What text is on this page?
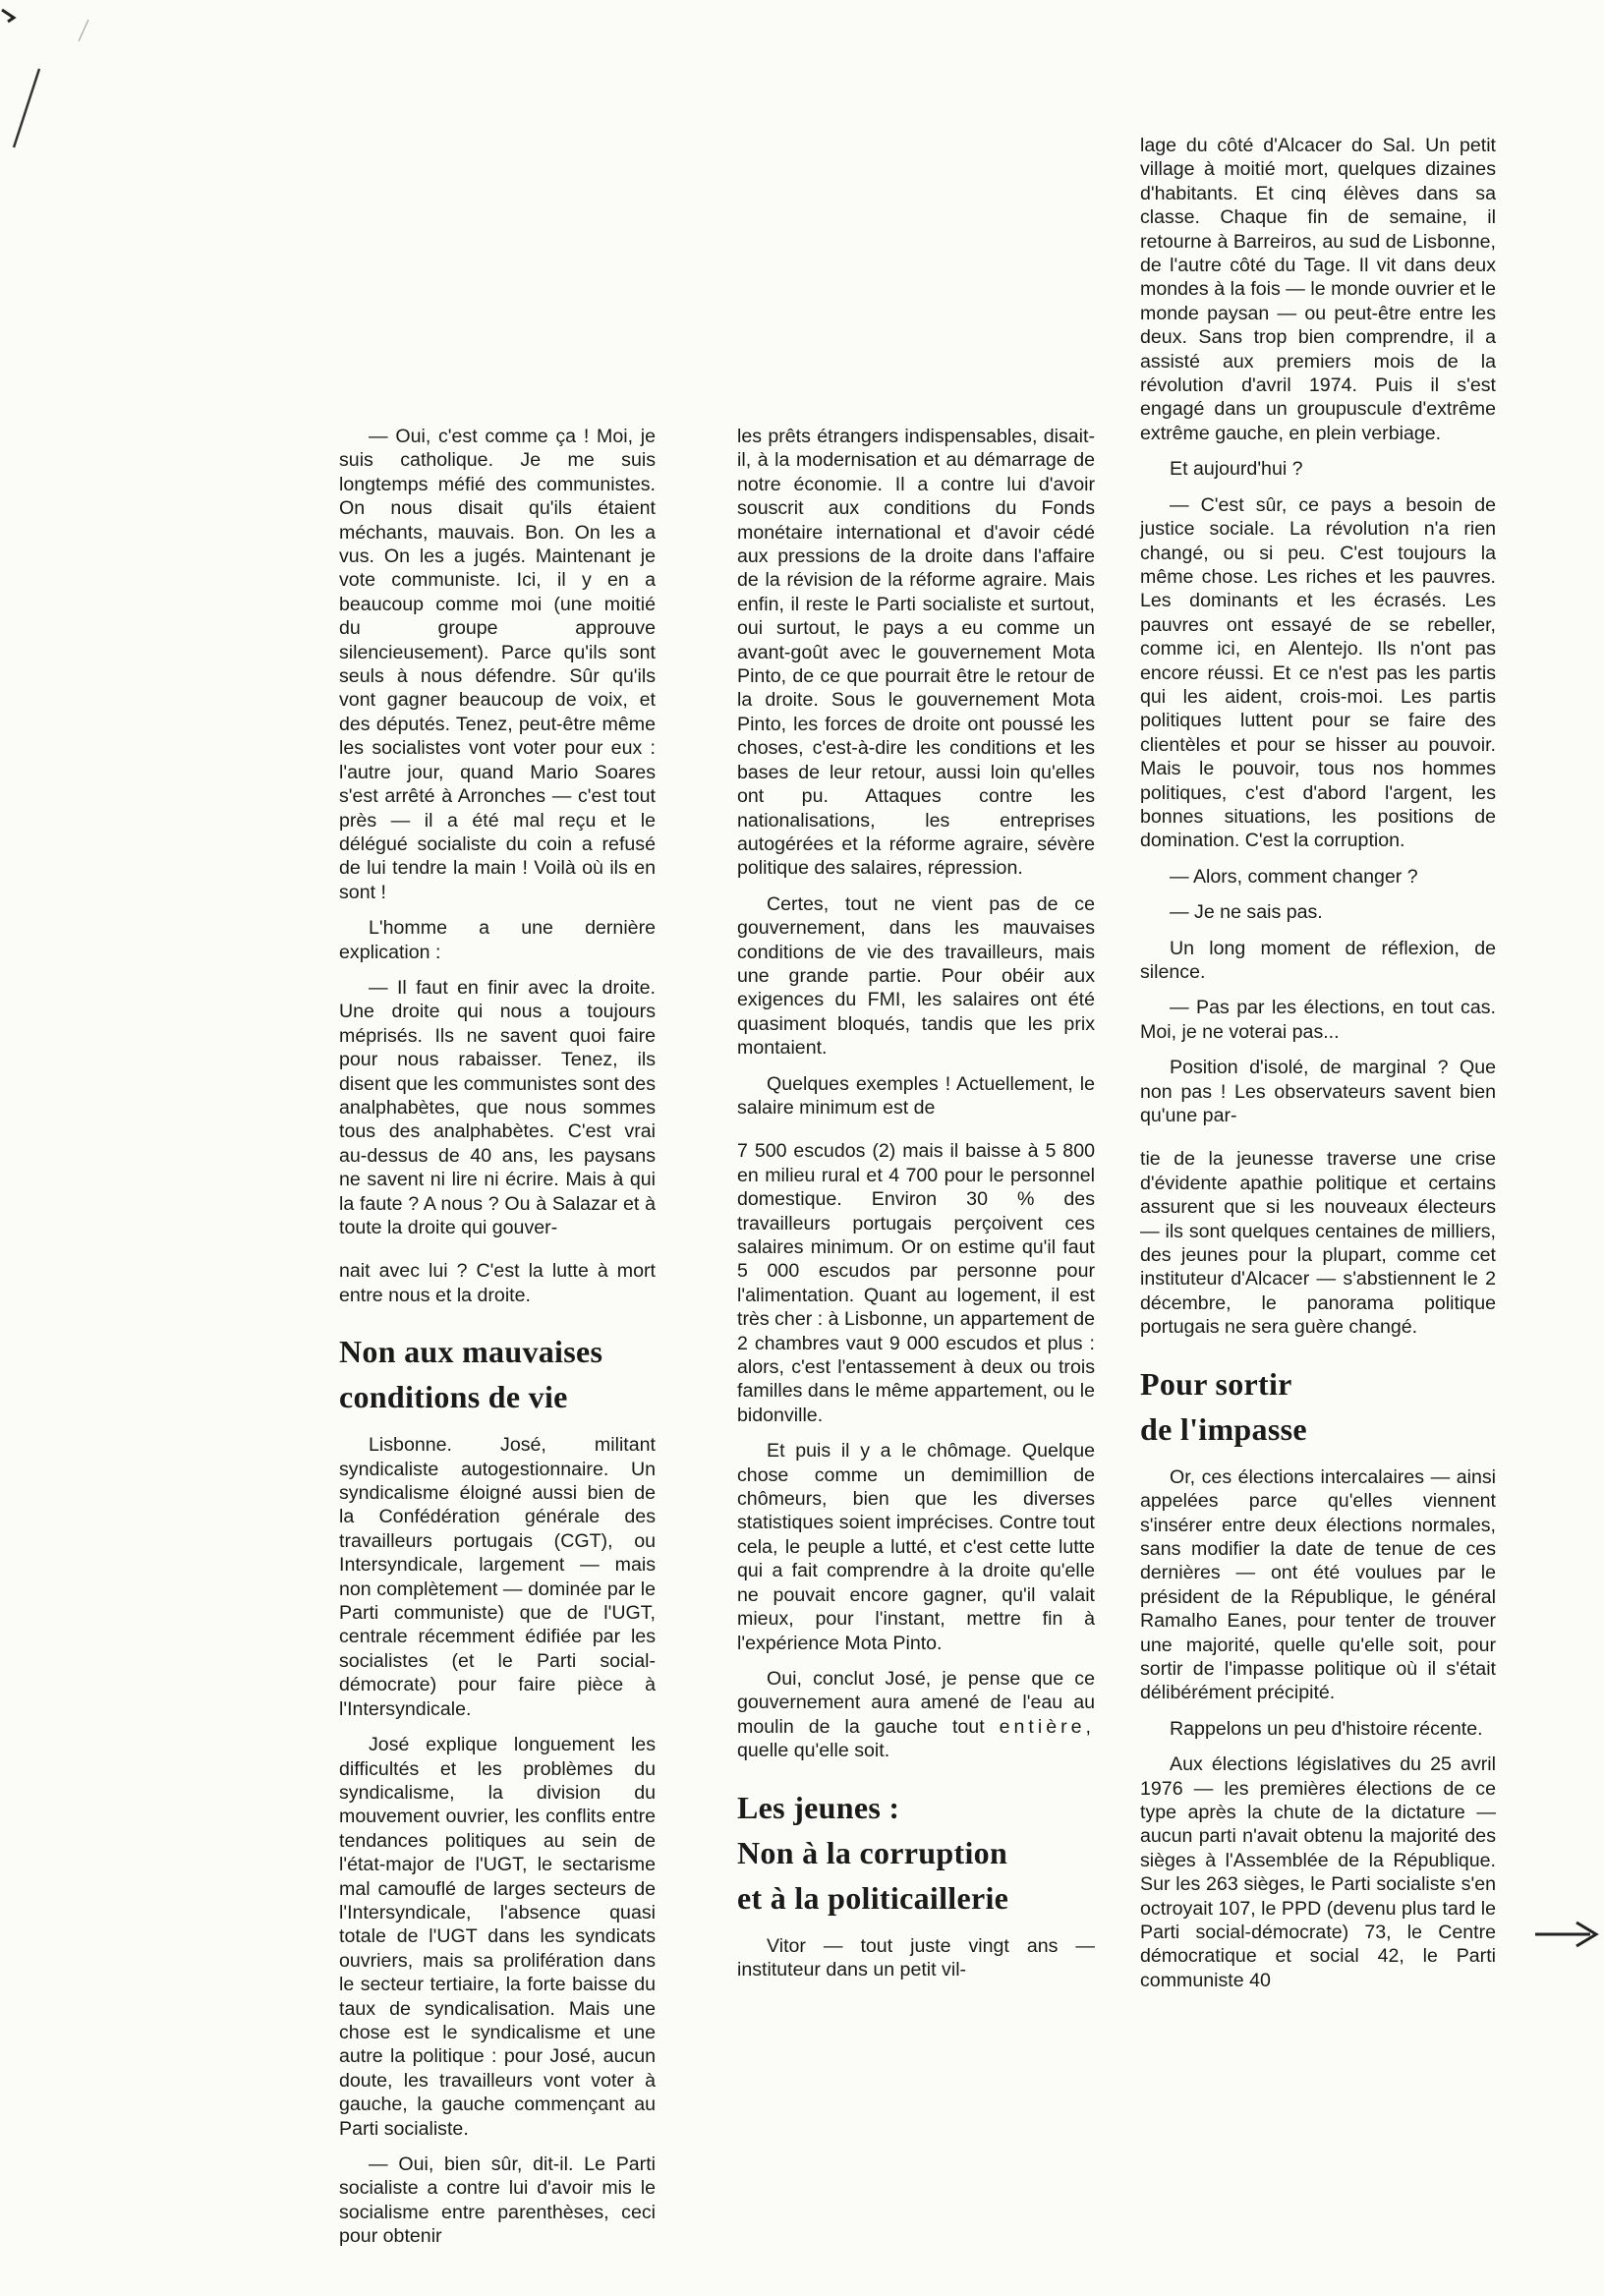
— Oui, c'est comme ça ! Moi, je suis catholique. Je me suis longtemps méfié des communistes. On nous disait qu'ils étaient méchants, mauvais. Bon. On les a vus. On les a jugés. Maintenant je vote communiste. Ici, il y en a beaucoup comme moi (une moitié du groupe approuve silencieusement). Parce qu'ils sont seuls à nous défendre. Sûr qu'ils vont gagner beaucoup de voix, et des députés. Tenez, peut-être même les socialistes vont voter pour eux : l'autre jour, quand Mario Soares s'est arrêté à Arronches — c'est tout près — il a été mal reçu et le délégué socialiste du coin a refusé de lui tendre la main ! Voilà où ils en sont !

L'homme a une dernière explication :

— Il faut en finir avec la droite. Une droite qui nous a toujours méprisés. Ils ne savent quoi faire pour nous rabaisser. Tenez, ils disent que les communistes sont des analphabètes, que nous sommes tous des analphabètes. C'est vrai au-dessus de 40 ans, les paysans ne savent ni lire ni écrire. Mais à qui la faute ? A nous ? Ou à Salazar et à toute la droite qui gouver-

nait avec lui ? C'est la lutte à mort entre nous et la droite.

Non aux mauvaises
conditions de vie

Lisbonne. José, militant syndicaliste autogestionnaire. Un syndicalisme éloigné aussi bien de la Confédération générale des travailleurs portugais (CGT), ou Intersyndicale, largement — mais non complètement — dominée par le Parti communiste) que de l'UGT, centrale récemment édifiée par les socialistes (et le Parti social-démocrate) pour faire pièce à l'Intersyndicale.

José explique longuement les difficultés et les problèmes du syndicalisme, la division du mouvement ouvrier, les conflits entre tendances politiques au sein de l'état-major de l'UGT, le sectarisme mal camouflé de larges secteurs de l'Intersyndicale, l'absence quasi totale de l'UGT dans les syndicats ouvriers, mais sa prolifération dans le secteur tertiaire, la forte baisse du taux de syndicalisation. Mais une chose est le syndicalisme et une autre la politique : pour José, aucun doute, les travailleurs vont voter à gauche, la gauche commençant au Parti socialiste.

— Oui, bien sûr, dit-il. Le Parti socialiste a contre lui d'avoir mis le socialisme entre parenthèses, ceci pour obtenir

les prêts étrangers indispensables, disait-il, à la modernisation et au démarrage de notre économie. Il a contre lui d'avoir souscrit aux conditions du Fonds monétaire international et d'avoir cédé aux pressions de la droite dans l'affaire de la révision de la réforme agraire. Mais enfin, il reste le Parti socialiste et surtout, oui surtout, le pays a eu comme un avant-goût avec le gouvernement Mota Pinto, de ce que pourrait être le retour de la droite. Sous le gouvernement Mota Pinto, les forces de droite ont poussé les choses, c'est-à-dire les conditions et les bases de leur retour, aussi loin qu'elles ont pu. Attaques contre les nationalisations, les entreprises autogérées et la réforme agraire, sévère politique des salaires, répression.

Certes, tout ne vient pas de ce gouvernement, dans les mauvaises conditions de vie des travailleurs, mais une grande partie. Pour obéir aux exigences du FMI, les salaires ont été quasiment bloqués, tandis que les prix montaient.

Quelques exemples ! Actuellement, le salaire minimum est de

7 500 escudos (2) mais il baisse à 5 800 en milieu rural et 4 700 pour le personnel domestique. Environ 30 % des travailleurs portugais perçoivent ces salaires minimum. Or on estime qu'il faut 5 000 escudos par personne pour l'alimentation. Quant au logement, il est très cher : à Lisbonne, un appartement de 2 chambres vaut 9 000 escudos et plus : alors, c'est l'entassement à deux ou trois familles dans le même appartement, ou le bidonville.

Et puis il y a le chômage. Quelque chose comme un demimillion de chômeurs, bien que les diverses statistiques soient imprécises. Contre tout cela, le peuple a lutté, et c'est cette lutte qui a fait comprendre à la droite qu'elle ne pouvait encore gagner, qu'il valait mieux, pour l'instant, mettre fin à l'expérience Mota Pinto.

Oui, conclut José, je pense que ce gouvernement aura amené de l'eau au moulin de la gauche tout entière, quelle qu'elle soit.

Les jeunes :
Non à la corruption
et à la politicaillerie

Vitor — tout juste vingt ans — instituteur dans un petit vil-

lage du côté d'Alcacer do Sal. Un petit village à moitié mort, quelques dizaines d'habitants. Et cinq élèves dans sa classe. Chaque fin de semaine, il retourne à Barreiros, au sud de Lisbonne, de l'autre côté du Tage. Il vit dans deux mondes à la fois — le monde ouvrier et le monde paysan — ou peut-être entre les deux. Sans trop bien comprendre, il a assisté aux premiers mois de la révolution d'avril 1974. Puis il s'est engagé dans un groupuscule d'extrême extrême gauche, en plein verbiage.

Et aujourd'hui ?

— C'est sûr, ce pays a besoin de justice sociale. La révolution n'a rien changé, ou si peu. C'est toujours la même chose. Les riches et les pauvres. Les dominants et les écrasés. Les pauvres ont essayé de se rebeller, comme ici, en Alentejo. Ils n'ont pas encore réussi. Et ce n'est pas les partis qui les aident, crois-moi. Les partis politiques luttent pour se faire des clientèles et pour se hisser au pouvoir. Mais le pouvoir, tous nos hommes politiques, c'est d'abord l'argent, les bonnes situations, les positions de domination. C'est la corruption.

— Alors, comment changer ?

— Je ne sais pas.

Un long moment de réflexion, de silence.

— Pas par les élections, en tout cas. Moi, je ne voterai pas...

Position d'isolé, de marginal ? Que non pas ! Les observateurs savent bien qu'une par-

tie de la jeunesse traverse une crise d'évidente apathie politique et certains assurent que si les nouveaux électeurs — ils sont quelques centaines de milliers, des jeunes pour la plupart, comme cet instituteur d'Alcacer — s'abstiennent le 2 décembre, le panorama politique portugais ne sera guère changé.

Pour sortir
de l'impasse

Or, ces élections intercalaires — ainsi appelées parce qu'elles viennent s'insérer entre deux élections normales, sans modifier la date de tenue de ces dernières — ont été voulues par le président de la République, le général Ramalho Eanes, pour tenter de trouver une majorité, quelle qu'elle soit, pour sortir de l'impasse politique où il s'était délibérément précipité.

Rappelons un peu d'histoire récente.

Aux élections législatives du 25 avril 1976 — les premières élections de ce type après la chute de la dictature — aucun parti n'avait obtenu la majorité des sièges à l'Assemblée de la République. Sur les 263 sièges, le Parti socialiste s'en octroyait 107, le PPD (devenu plus tard le Parti social-démocrate) 73, le Centre démocratique et social 42, le Parti communiste 40
